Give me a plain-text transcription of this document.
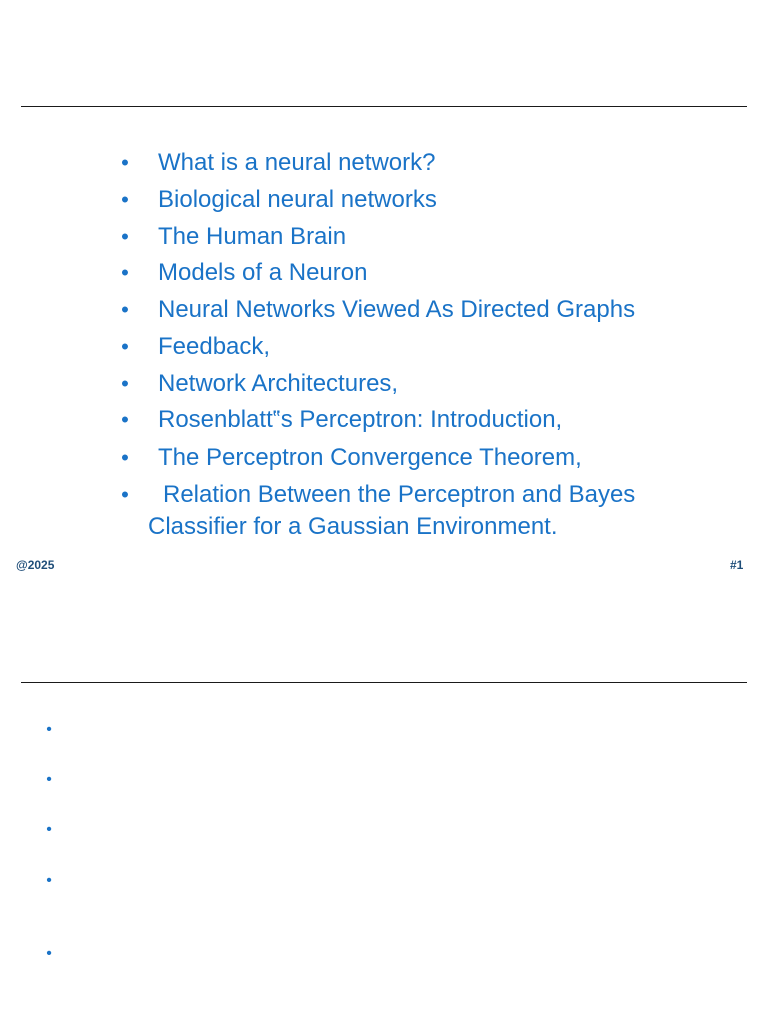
• What is a neural network?
• Biological neural networks
• The Human Brain
• Models of a Neuron
• Neural Networks Viewed As Directed Graphs
• Feedback,
• Network Architectures,
• Rosenblatt‟s Perceptron: Introduction,
• The Perceptron Convergence Theorem,
• Relation Between the Perceptron and Bayes
Classifier for a Gaussian Environment.
@2025	#1
•
•
•
•
•
